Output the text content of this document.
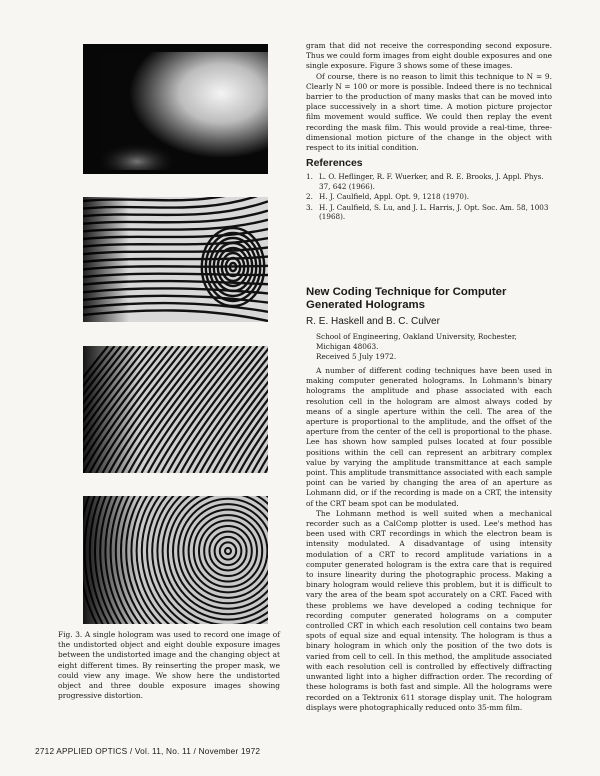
Fig. 3. A single hologram was used to record one image of the undistorted object and eight double exposure images between the undistorted image and the changing object at eight different times. By reinserting the proper mask, we could view any image. We show here the undistorted object and three double exposure images showing progressive distortion.

gram that did not receive the corresponding second exposure. Thus we could form images from eight double exposures and one single exposure. Figure 3 shows some of these images.

Of course, there is no reason to limit this technique to N = 9. Clearly N = 100 or more is possible. Indeed there is no technical barrier to the production of many masks that can be moved into place successively in a short time. A motion picture projector film movement would suffice. We could then replay the event recording the mask film. This would provide a real-time, three-dimensional motion picture of the change in the object with respect to its initial condition.

References
1. L. O. Heflinger, R. F. Wuerker, and R. E. Brooks, J. Appl. Phys. 37, 642 (1966).
2. H. J. Caulfield, Appl. Opt. 9, 1218 (1970).
3. H. J. Caulfield, S. Lu, and J. L. Harris, J. Opt. Soc. Am. 58, 1003 (1968).
New Coding Technique for Computer Generated Holograms

R. E. Haskell and B. C. Culver

School of Engineering, Oakland University, Rochester, Michigan 48063.
Received 5 July 1972.

A number of different coding techniques have been used in making computer generated holograms. In Lohmann's binary holograms the amplitude and phase associated with each resolution cell in the hologram are almost always coded by means of a single aperture within the cell. The area of the aperture is proportional to the amplitude, and the offset of the aperture from the center of the cell is proportional to the phase. Lee has shown how sampled pulses located at four possible positions within the cell can represent an arbitrary complex value by varying the amplitude transmittance at each sample point. This amplitude transmittance associated with each sample point can be varied by changing the area of an aperture as Lohmann did, or if the recording is made on a CRT, the intensity of the CRT beam spot can be modulated.

The Lohmann method is well suited when a mechanical recorder such as a CalComp plotter is used. Lee's method has been used with CRT recordings in which the electron beam is intensity modulated. A disadvantage of using intensity modulation of a CRT to record amplitude variations in a computer generated hologram is the extra care that is required to insure linearity during the photographic process. Making a binary hologram would relieve this problem, but it is difficult to vary the area of the beam spot accurately on a CRT. Faced with these problems we have developed a coding technique for recording computer generated holograms on a computer controlled CRT in which each resolution cell contains two beam spots of equal size and equal intensity. The hologram is thus a binary hologram in which only the position of the two dots is varied from cell to cell. In this method, the amplitude associated with each resolution cell is controlled by effectively diffracting unwanted light into a higher diffraction order. The recording of these holograms is both fast and simple. All the holograms were recorded on a Tektronix 611 storage display unit. The hologram displays were photographically reduced onto 35-mm film.

2712 APPLIED OPTICS / Vol. 11, No. 11 / November 1972
